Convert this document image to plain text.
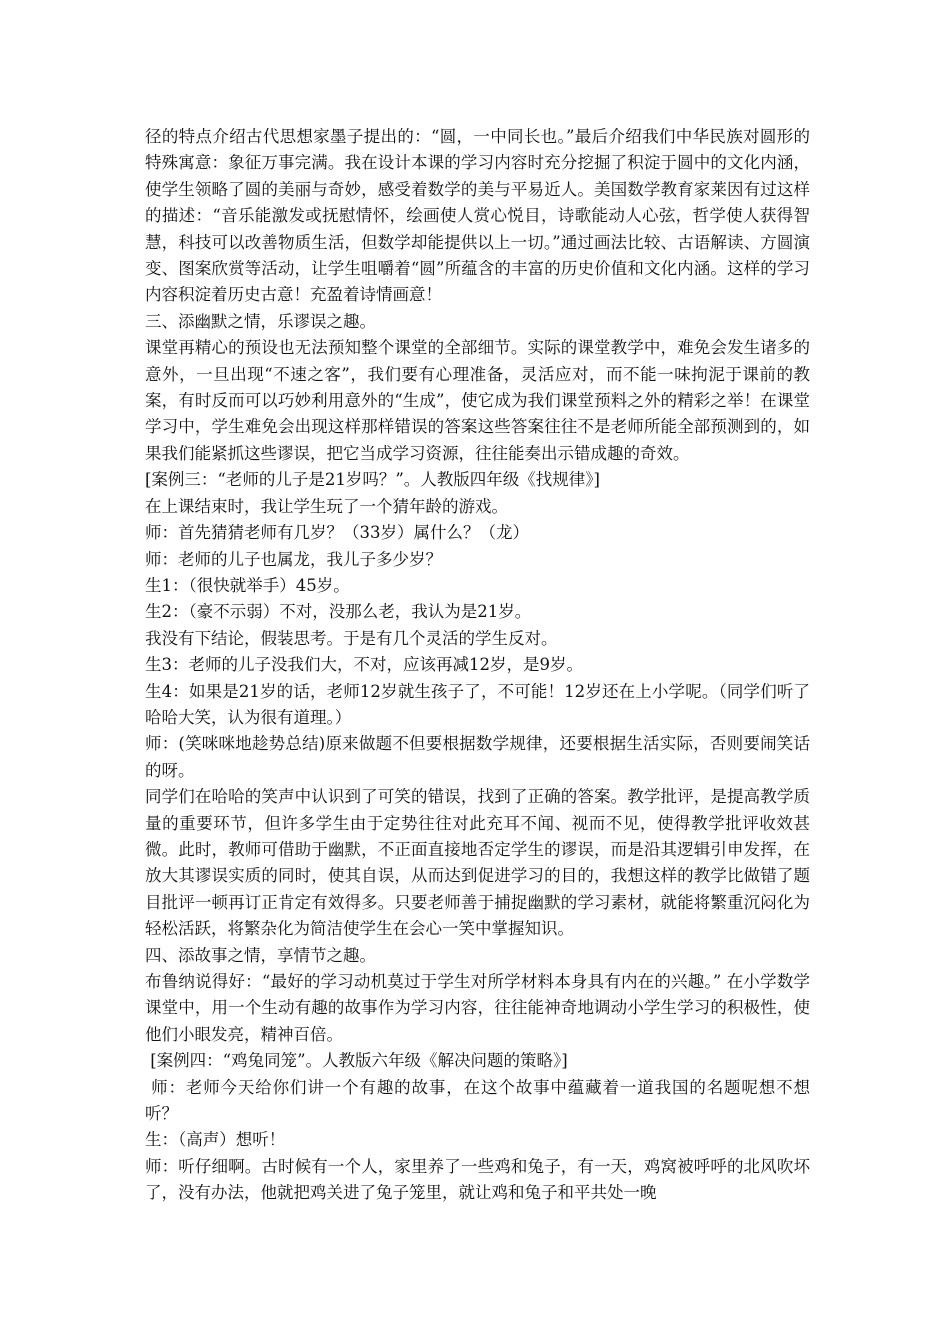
径的特点介绍古代思想家墨子提出的：“圆，一中同长也。”最后介绍我们中华民族对圆形的特殊寓意：象征万事完满。我在设计本课的学习内容时充分挖掘了积淀于圆中的文化内涵，使学生领略了圆的美丽与奇妙，感受着数学的美与平易近人。美国数学教育家莱因有过这样的描述：“音乐能激发或抚慰情怀，绘画使人赏心悦目，诗歌能动人心弦，哲学使人获得智慧，科技可以改善物质生活，但数学却能提供以上一切。”通过画法比较、古语解读、方圆演变、图案欣赏等活动，让学生咀嚼着“圆”所蕴含的丰富的历史价值和文化内涵。这样的学习内容积淀着历史古意！充盈着诗情画意！

三、添幽默之情，乐谬误之趣。

课堂再精心的预设也无法预知整个课堂的全部细节。实际的课堂教学中，难免会发生诸多的意外，一旦出现“不速之客”，我们要有心理准备，灵活应对，而不能一味拘泥于课前的教案，有时反而可以巧妙利用意外的“生成”，使它成为我们课堂预料之外的精彩之举！在课堂学习中，学生难免会出现这样那样错误的答案这些答案往往不是老师所能全部预测到的，如果我们能紧抓这些谬误，把它当成学习资源，往往能奏出示错成趣的奇效。

[案例三：“老师的儿子是21岁吗？”。人教版四年级《找规律》]

在上课结束时，我让学生玩了一个猜年龄的游戏。

师：首先猜猜老师有几岁？（33岁）属什么？（龙）

师：老师的儿子也属龙，我儿子多少岁？

生1：（很快就举手）45岁。

生2：（豪不示弱）不对，没那么老，我认为是21岁。

我没有下结论，假装思考。于是有几个灵活的学生反对。

生3：老师的儿子没我们大，不对，应该再减12岁，是9岁。

生4：如果是21岁的话，老师12岁就生孩子了，不可能！12岁还在上小学呢。（同学们听了哈哈大笑，认为很有道理。）

师：(笑咪咪地趁势总结)原来做题不但要根据数学规律，还要根据生活实际，否则要闹笑话的呀。

同学们在哈哈的笑声中认识到了可笑的错误，找到了正确的答案。教学批评，是提高教学质量的重要环节，但许多学生由于定势往往对此充耳不闻、视而不见，使得教学批评收效甚微。此时，教师可借助于幽默，不正面直接地否定学生的谬误，而是沿其逻辑引申发挥，在放大其谬误实质的同时，使其自误，从而达到促进学习的目的，我想这样的教学比做错了题目批评一顿再订正肯定有效得多。只要老师善于捕捉幽默的学习素材，就能将繁重沉闷化为轻松活跃，将繁杂化为简洁使学生在会心一笑中掌握知识。

四、添故事之情，享情节之趣。

布鲁纳说得好：“最好的学习动机莫过于学生对所学材料本身具有内在的兴趣。” 在小学数学课堂中，用一个生动有趣的故事作为学习内容，往往能神奇地调动小学生学习的积极性，使他们小眼发亮，精神百倍。

[案例四：“鸡兔同笼”。人教版六年级《解决问题的策略》]

师：老师今天给你们讲一个有趣的故事，在这个故事中蕴藏着一道我国的名题呢想不想听？

生：（高声）想听！

师：听仔细啊。古时候有一个人，家里养了一些鸡和兔子，有一天，鸡窝被呼呼的北风吹坏了，没有办法，他就把鸡关进了兔子笼里，就让鸡和兔子和平共处一晚
